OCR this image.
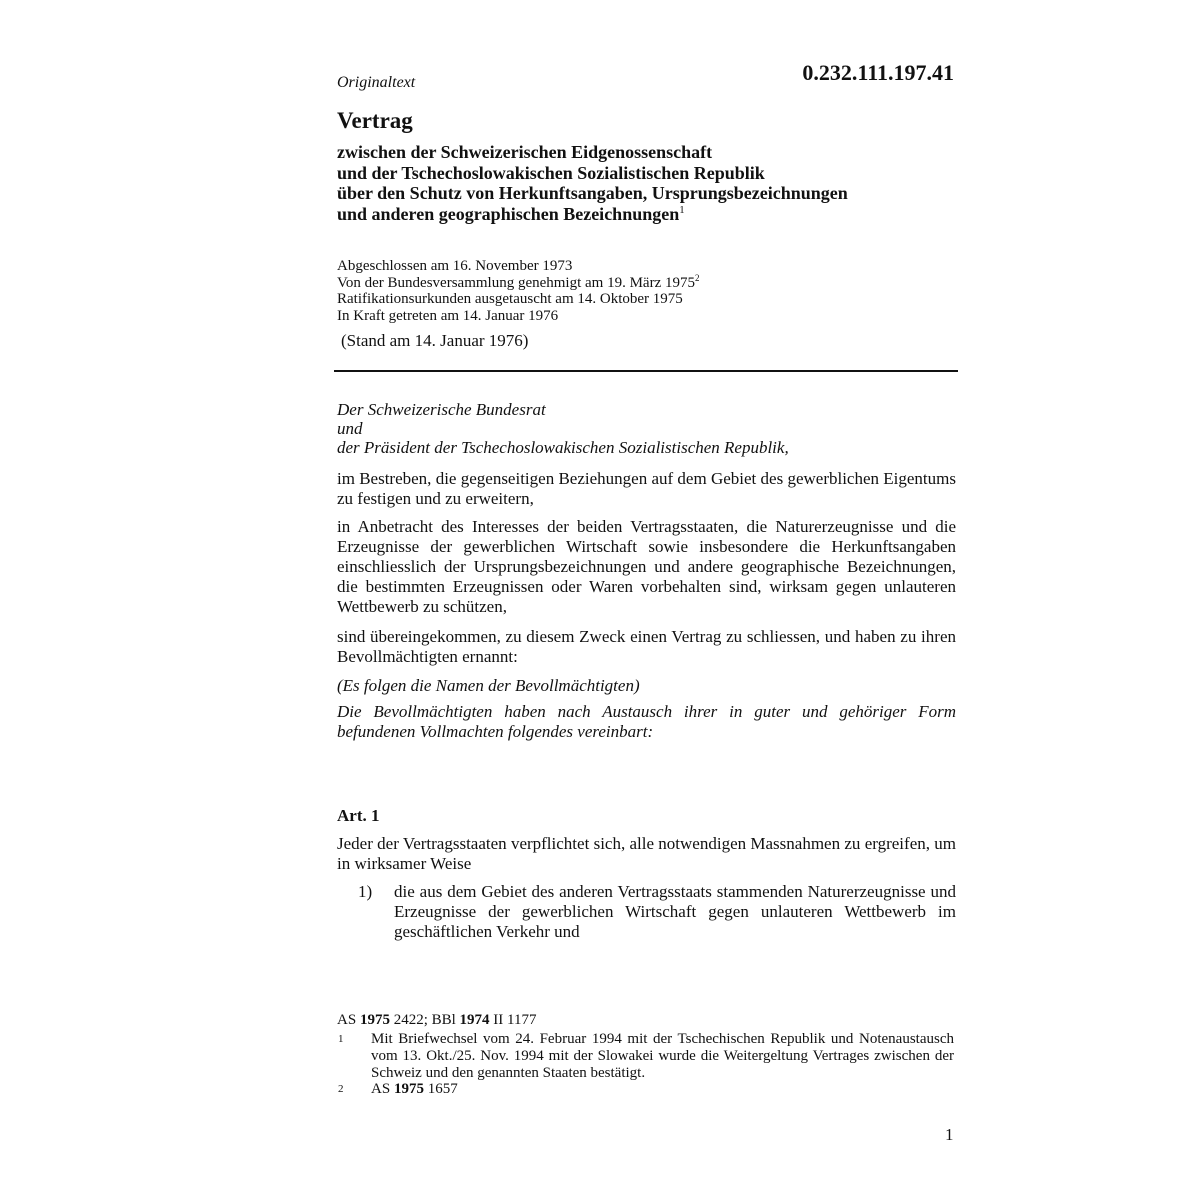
Originaltext	0.232.111.197.41
Vertrag
zwischen der Schweizerischen Eidgenossenschaft
und der Tschechoslowakischen Sozialistischen Republik
über den Schutz von Herkunftsangaben, Ursprungsbezeichnungen
und anderen geographischen Bezeichnungen$^1$
Abgeschlossen am 16. November 1973
Von der Bundesversammlung genehmigt am 19. März 1975$^2$
Ratifikationsurkunden ausgetauscht am 14. Oktober 1975
In Kraft getreten am 14. Januar 1976
(Stand am 14. Januar 1976)
Der Schweizerische Bundesrat
und
der Präsident der Tschechoslowakischen Sozialistischen Republik,
im Bestreben, die gegenseitigen Beziehungen auf dem Gebiet des gewerblichen Eigentums zu festigen und zu erweitern,
in Anbetracht des Interesses der beiden Vertragsstaaten, die Naturerzeugnisse und die Erzeugnisse der gewerblichen Wirtschaft sowie insbesondere die Herkunftsangaben einschliesslich der Ursprungsbezeichnungen und andere geographische Bezeichnungen, die bestimmten Erzeugnissen oder Waren vorbehalten sind, wirksam gegen unlauteren Wettbewerb zu schützen,
sind übereingekommen, zu diesem Zweck einen Vertrag zu schliessen, und haben zu ihren Bevollmächtigten ernannt:
(Es folgen die Namen der Bevollmächtigten)
Die Bevollmächtigten haben nach Austausch ihrer in guter und gehöriger Form befundenen Vollmachten folgendes vereinbart:
Art. 1
Jeder der Vertragsstaaten verpflichtet sich, alle notwendigen Massnahmen zu ergreifen, um in wirksamer Weise
1) die aus dem Gebiet des anderen Vertragsstaats stammenden Naturerzeugnisse und Erzeugnisse der gewerblichen Wirtschaft gegen unlauteren Wettbewerb im geschäftlichen Verkehr und
AS 1975 2422; BBl 1974 II 1177
1 Mit Briefwechsel vom 24. Februar 1994 mit der Tschechischen Republik und Notenaustausch vom 13. Okt./25. Nov. 1994 mit der Slowakei wurde die Weitergeltung Vertrages zwischen der Schweiz und den genannten Staaten bestätigt.
2 AS 1975 1657
1
